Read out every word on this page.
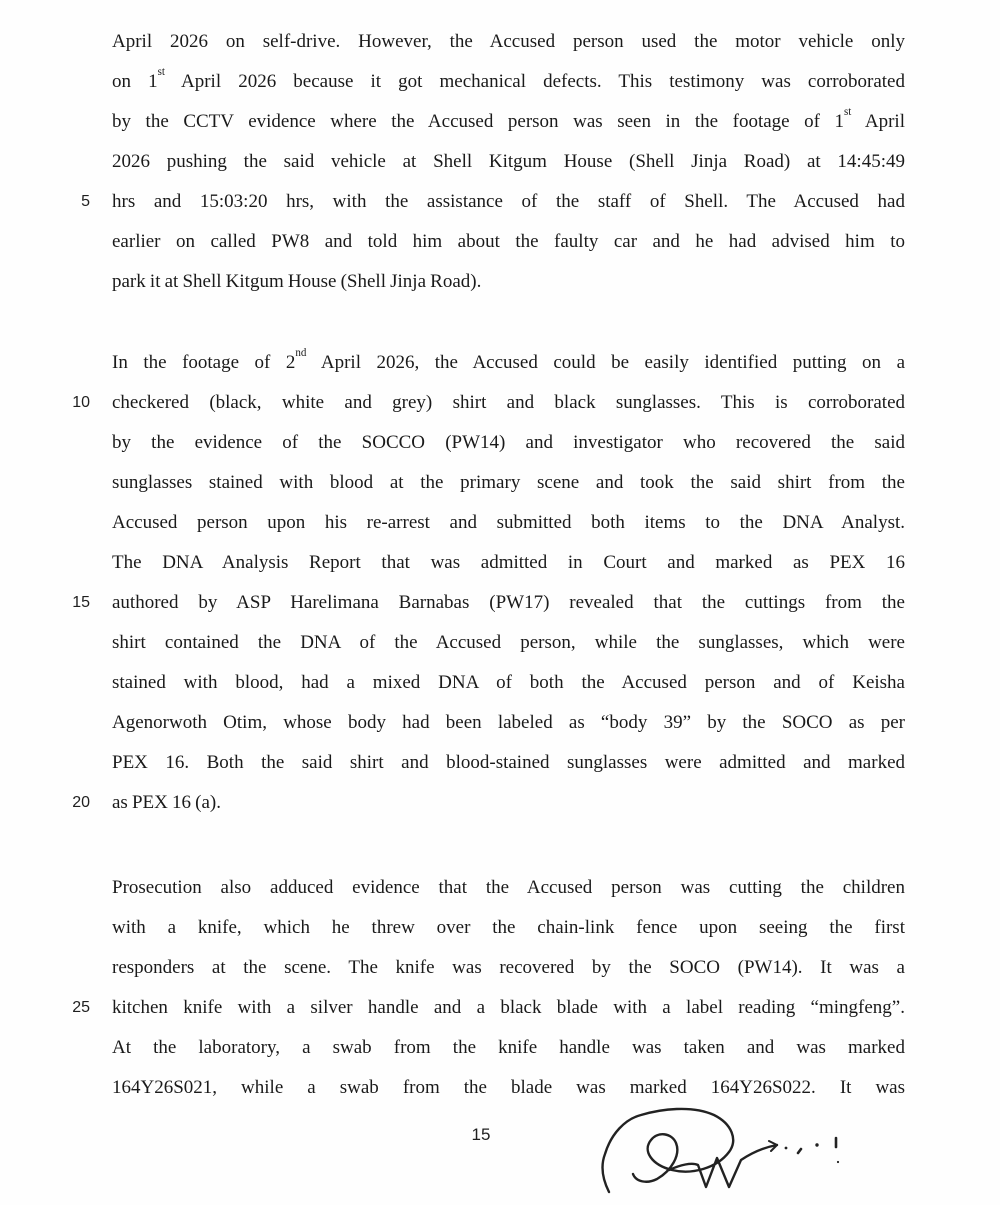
April 2026 on self-drive. However, the Accused person used the motor vehicle only
on 1st April 2026 because it got mechanical defects. This testimony was corroborated
by the CCTV evidence where the Accused person was seen in the footage of 1st April
2026 pushing the said vehicle at Shell Kitgum House (Shell Jinja Road) at 14:45:49
hrs and 15:03:20 hrs, with the assistance of the staff of Shell. The Accused had
earlier on called PW8 and told him about the faulty car and he had advised him to
park it at Shell Kitgum House (Shell Jinja Road).
In the footage of 2nd April 2026, the Accused could be easily identified putting on a
checkered (black, white and grey) shirt and black sunglasses. This is corroborated
by the evidence of the SOCCO (PW14) and investigator who recovered the said
sunglasses stained with blood at the primary scene and took the said shirt from the
Accused person upon his re-arrest and submitted both items to the DNA Analyst.
The DNA Analysis Report that was admitted in Court and marked as PEX 16
authored by ASP Harelimana Barnabas (PW17) revealed that the cuttings from the
shirt contained the DNA of the Accused person, while the sunglasses, which were
stained with blood, had a mixed DNA of both the Accused person and of Keisha
Agenorwoth Otim, whose body had been labeled as “body 39” by the SOCO as per
PEX 16. Both the said shirt and blood-stained sunglasses were admitted and marked
as PEX 16 (a).
Prosecution also adduced evidence that the Accused person was cutting the children
with a knife, which he threw over the chain-link fence upon seeing the first
responders at the scene. The knife was recovered by the SOCO (PW14). It was a
kitchen knife with a silver handle and a black blade with a label reading “mingfeng”.
At the laboratory, a swab from the knife handle was taken and was marked
164Y26S021, while a swab from the blade was marked 164Y26S022. It was
5
10
15
20
25
15
